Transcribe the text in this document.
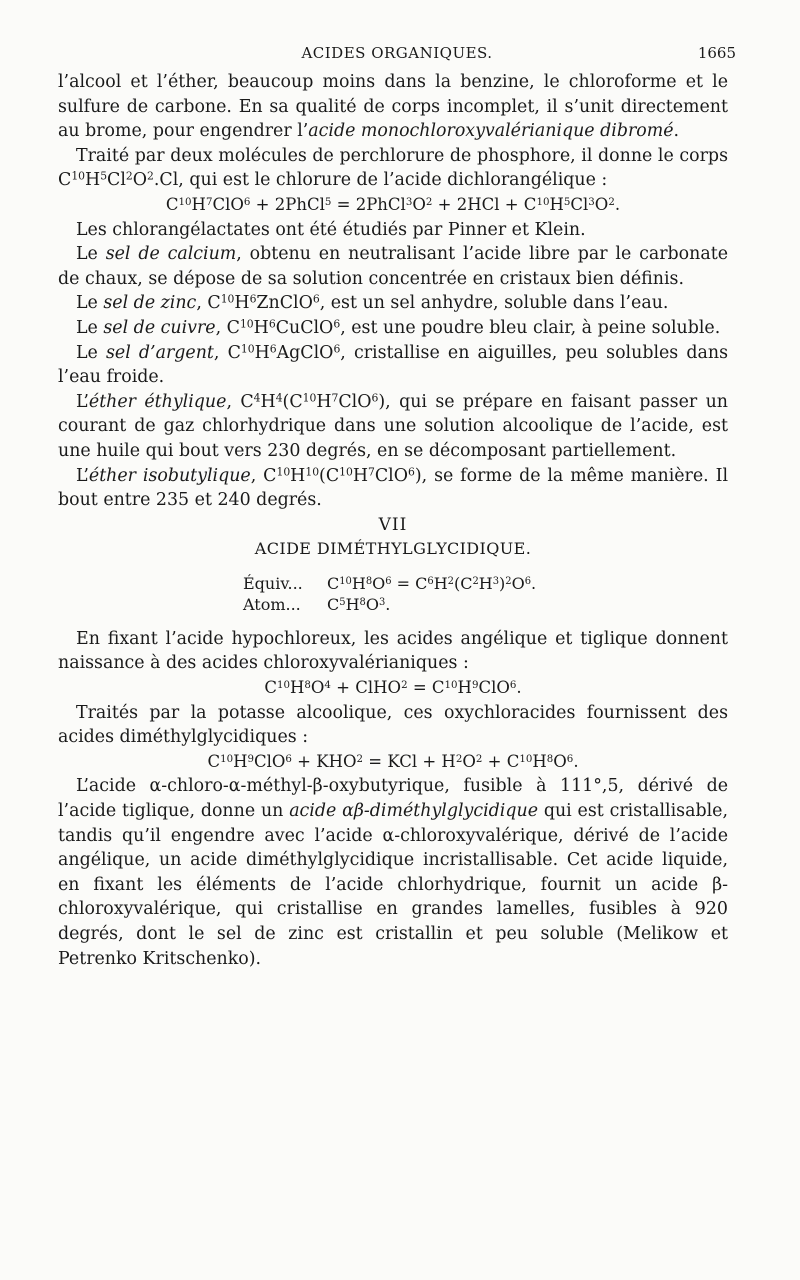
ACIDES ORGANIQUES.	1665

l’alcool et l’éther, beaucoup moins dans la benzine, le chloroforme et le sulfure de carbone. En sa qualité de corps incomplet, il s’unit directement au brome, pour engendrer l’acide monochloroxyvalérianique dibromé.

Traité par deux molécules de perchlorure de phosphore, il donne le corps $C^{10}H^5Cl^2O^2.Cl$, qui est le chlorure de l’acide dichlorangélique :

$C^{10}H^7ClO^6$ + 2PhCl$^5$ = $2PhCl^3O^2 + 2HCl + C^{10}H^5Cl^3O^2$.

Les chlorangélactates ont été étudiés par Pinner et Klein.

Le sel de calcium, obtenu en neutralisant l’acide libre par le carbonate de chaux, se dépose de sa solution concentrée en cristaux bien définis.

Le sel de zinc, $C^{10}H^6ZnClO^6$, est un sel anhydre, soluble dans l’eau.

Le sel de cuivre, $C^{10}H^6CuClO^6$, est une poudre bleu clair, à peine soluble.

Le sel d’argent, $C^{10}H^6AgClO^6$, cristallise en aiguilles, peu solubles dans l’eau froide.

L’éther éthylique, $C^4H^4(C^{10}H^7ClO^6)$, qui se prépare en faisant passer un courant de gaz chlorhydrique dans une solution alcoolique de l’acide, est une huile qui bout vers 230 degrés, en se décomposant partiellement.

L’éther isobutylique, $C^{10}H^{10}(C^{10}H^7ClO^6)$, se forme de la même manière. Il bout entre 235 et 240 degrés.

VII

ACIDE DIMÉTHYLGLYCIDIQUE.

Équiv... $C^{10}H^8O^6 = C^6H^2(C^2H^3)^2O^6$.
Atom... $C^5H^8O^3$.

En fixant l’acide hypochloreux, les acides angélique et tiglique donnent naissance à des acides chloroxyvalérianiques :

$C^{10}H^8O^4$ + ClHO$^2$ = $C^{10}H^9ClO^6$.

Traités par la potasse alcoolique, ces oxychloracides fournissent des acides diméthylglycidiques :

$C^{10}H^9ClO^6 + KHO^2$ = KCl + $H^2O^2 + C^{10}H^8O^6$.

L’acide α-chloro-α-méthyl-β-oxybutyrique, fusible à 111°,5, dérivé de l’acide tiglique, donne un acide αβ-diméthylglycidique qui est cristallisable, tandis qu’il engendre avec l’acide α-chloroxyvalérique, dérivé de l’acide angélique, un acide diméthylglycidique incristallisable. Cet acide liquide, en fixant les éléments de l’acide chlorhydrique, fournit un acide β-chloroxyvalérique, qui cristallise en grandes lamelles, fusibles à 920 degrés, dont le sel de zinc est cristallin et peu soluble (Melikow et Petrenko Kritschenko).
